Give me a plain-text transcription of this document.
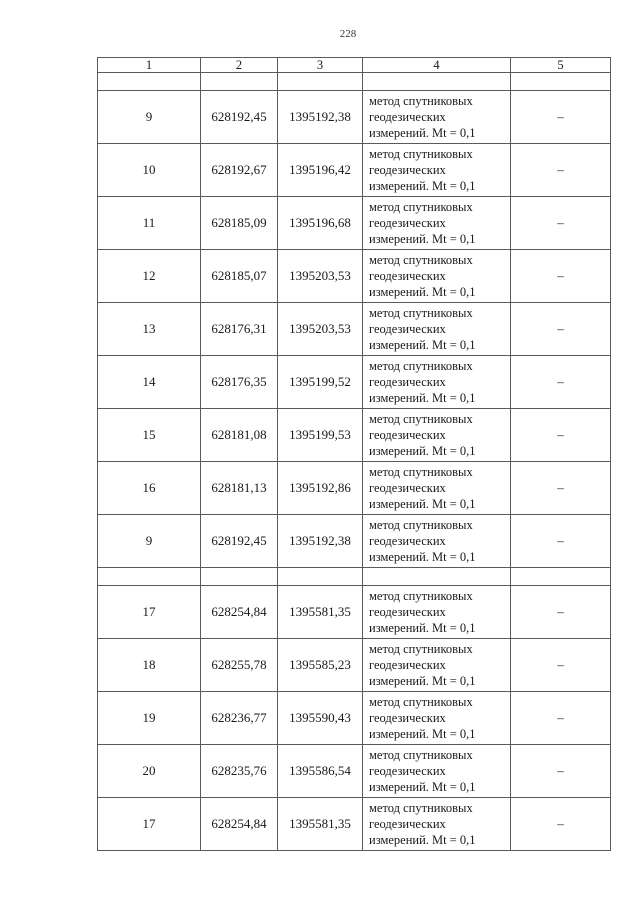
228
1	2	3	4	5

9	628192,45	1395192,38	метод спутниковых
геодезических
измерений. Mt = 0,1	–
10	628192,67	1395196,42	метод спутниковых
геодезических
измерений. Mt = 0,1	–
11	628185,09	1395196,68	метод спутниковых
геодезических
измерений. Mt = 0,1	–
12	628185,07	1395203,53	метод спутниковых
геодезических
измерений. Mt = 0,1	–
13	628176,31	1395203,53	метод спутниковых
геодезических
измерений. Mt = 0,1	–
14	628176,35	1395199,52	метод спутниковых
геодезических
измерений. Mt = 0,1	–
15	628181,08	1395199,53	метод спутниковых
геодезических
измерений. Mt = 0,1	–
16	628181,13	1395192,86	метод спутниковых
геодезических
измерений. Mt = 0,1	–
9	628192,45	1395192,38	метод спутниковых
геодезических
измерений. Mt = 0,1	–

17	628254,84	1395581,35	метод спутниковых
геодезических
измерений. Mt = 0,1	–
18	628255,78	1395585,23	метод спутниковых
геодезических
измерений. Mt = 0,1	–
19	628236,77	1395590,43	метод спутниковых
геодезических
измерений. Mt = 0,1	–
20	628235,76	1395586,54	метод спутниковых
геодезических
измерений. Mt = 0,1	–
17	628254,84	1395581,35	метод спутниковых
геодезических
измерений. Mt = 0,1	–
